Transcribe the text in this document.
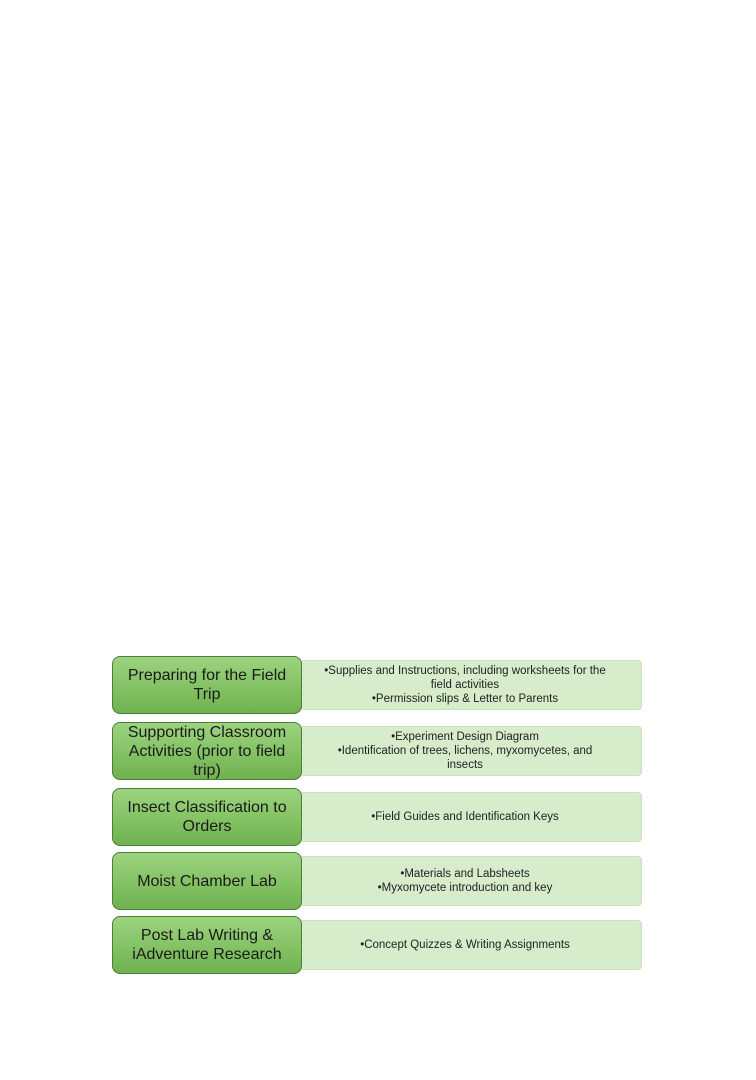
•Supplies and Instructions, including worksheets for the field activities
•Permission slips & Letter to Parents
Preparing for the Field Trip
•Experiment Design Diagram
•Identification of trees, lichens, myxomycetes, and insects
Supporting Classroom Activities (prior to field trip)
•Field Guides and Identification Keys
Insect Classification to Orders
•Materials and Labsheets
•Myxomycete introduction and key
Moist Chamber Lab
•Concept Quizzes & Writing Assignments
Post Lab Writing & iAdventure Research
